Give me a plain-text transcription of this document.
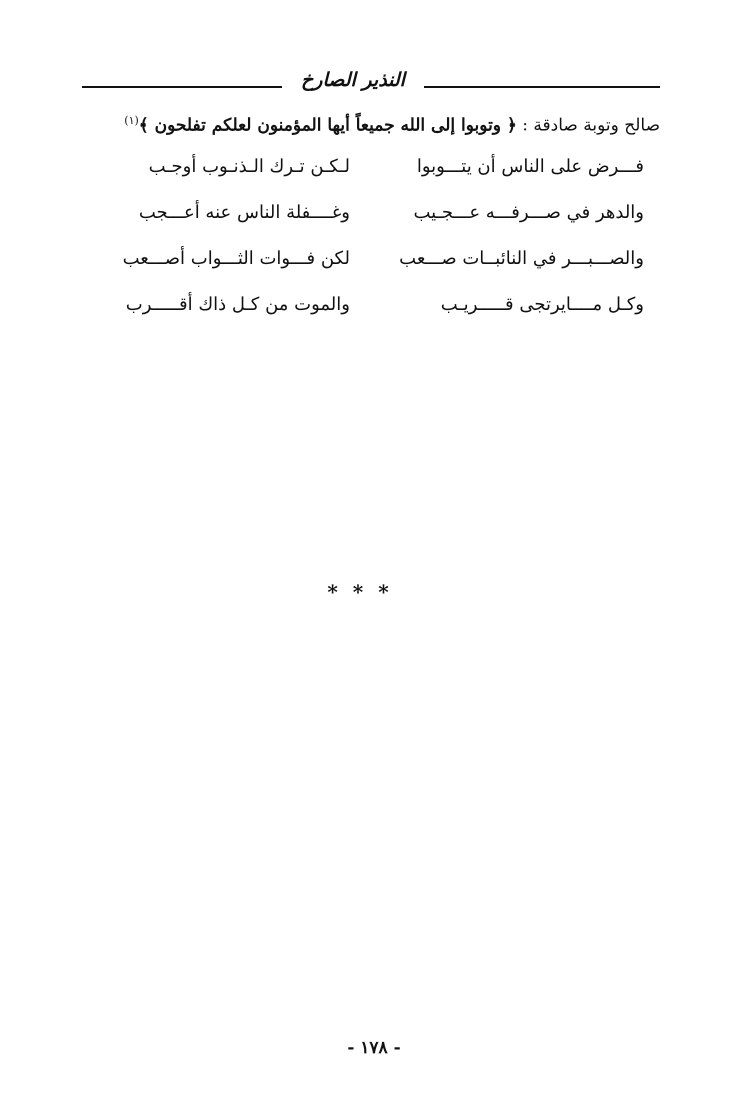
النذير الصارخ
صالح وتوبة صادقة : ﴿ وتوبوا إلى الله جميعاً أيها المؤمنون لعلكم تفلحون ﴾$^{(١)}$
فـــرض على الناس أن يتـــوبوا
لـكـن تـرك الـذنـوب أوجـب
والدهر في صـــرفـــه عـــجـيب
وغــــفلة الناس عنه أعـــجب
والصـــبـــر في النائبــات صـــعب
لكن فـــوات الثـــواب أصـــعب
وكـل مــــايرتجى قـــــريـب
والموت من كـل ذاك أقـــــرب
* * *
- ١٧٨ -
